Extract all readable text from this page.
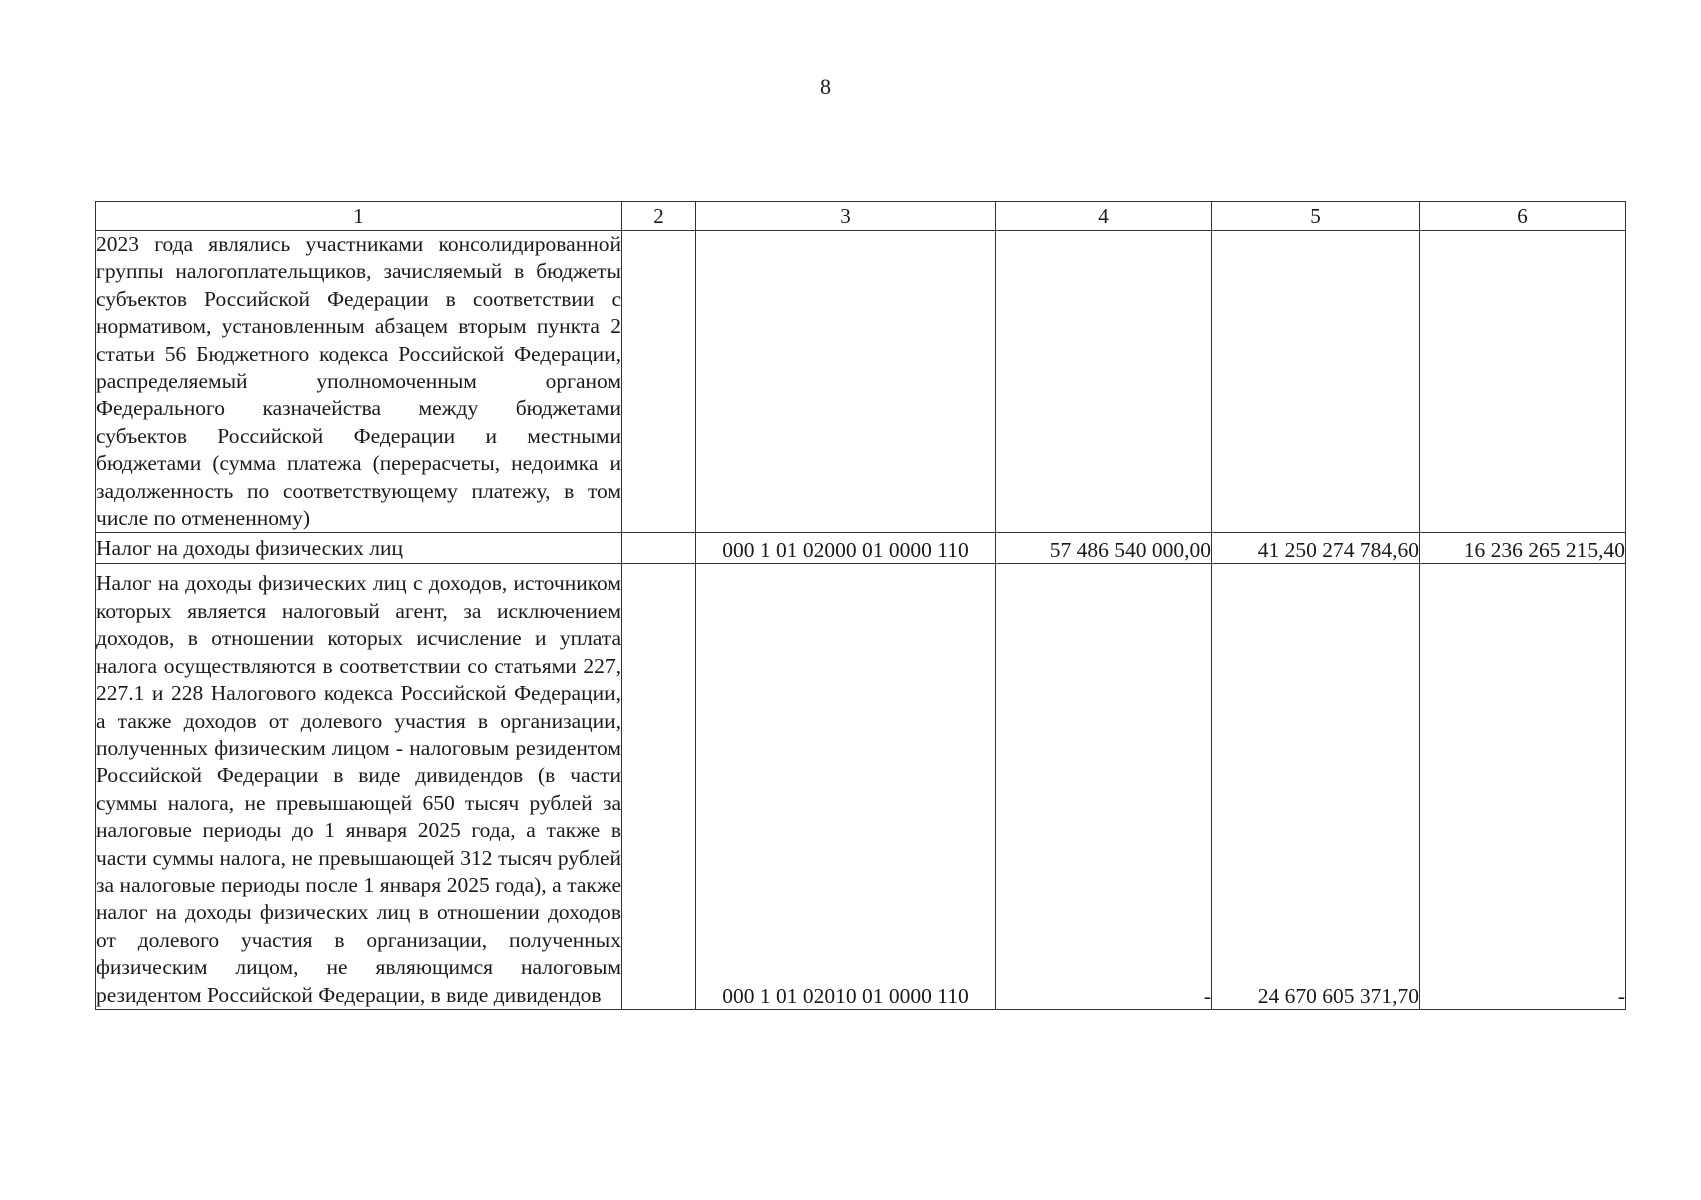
8
1	2	3	4	5	6
2023 года являлись участниками консолидированной группы налогоплательщиков, зачисляемый в бюджеты субъектов Российской Федерации в соответствии с нормативом, установленным абзацем вторым пункта 2 статьи 56 Бюджетного кодекса Российской Федерации, распределяемый уполномоченным органом Федерального казначейства между бюджетами субъектов Российской Федерации и местными бюджетами (сумма платежа (перерасчеты, недоимка и задолженность по соответствующему платежу, в том числе по отмененному)					
Налог на доходы физических лиц		000 1 01 02000 01 0000 110	57 486 540 000,00	41 250 274 784,60	16 236 265 215,40
Налог на доходы физических лиц с доходов, источником которых является налоговый агент, за исключением доходов, в отношении которых исчисление и уплата налога осуществляются в соответствии со статьями 227, 227.1 и 228 Налогового кодекса Российской Федерации, а также доходов от долевого участия в организации, полученных физическим лицом - налоговым резидентом Российской Федерации в виде дивидендов (в части суммы налога, не превышающей 650 тысяч рублей за налоговые периоды до 1 января 2025 года, а также в части суммы налога, не превышающей 312 тысяч рублей за налоговые периоды после 1 января 2025 года), а также налог на доходы физических лиц в отношении доходов от долевого участия в организации, полученных физическим лицом, не являющимся налоговым резидентом Российской Федерации, в виде дивидендов		000 1 01 02010 01 0000 110	-	24 670 605 371,70	-
